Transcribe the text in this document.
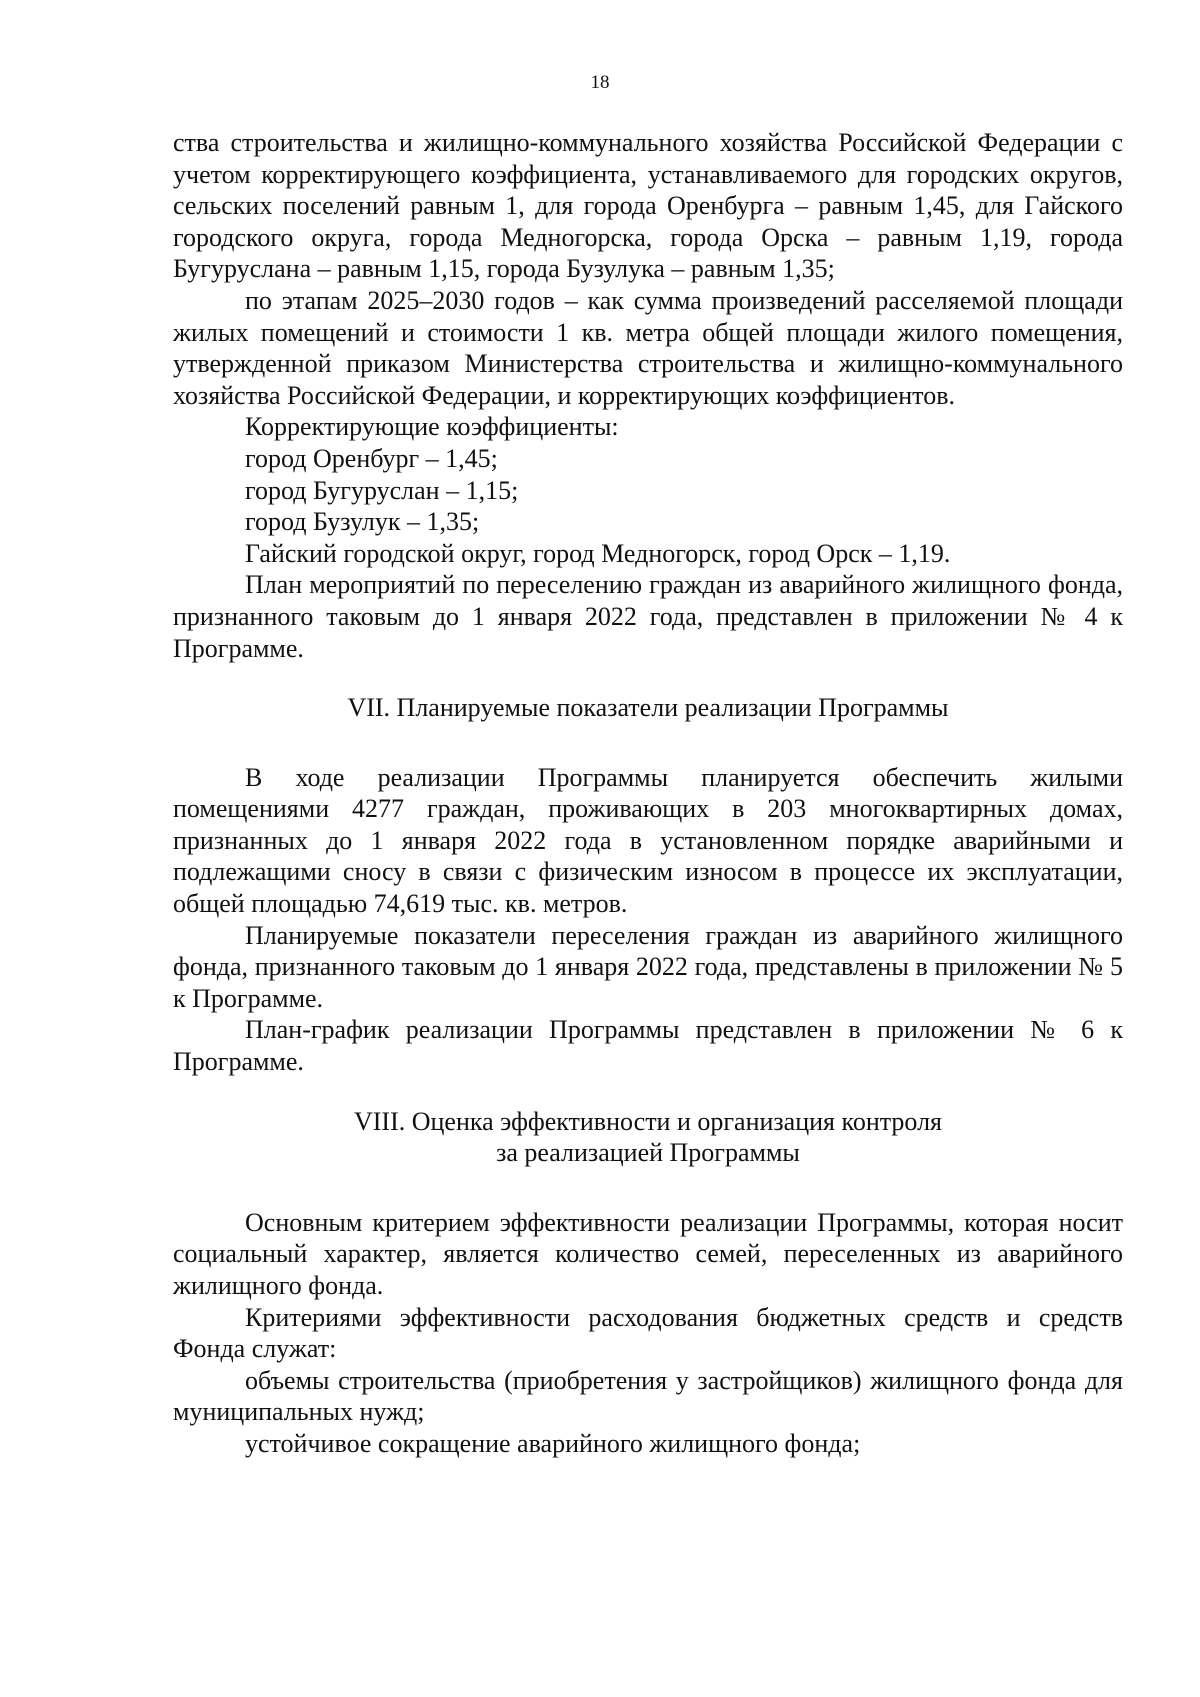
18

ства строительства и жилищно-коммунального хозяйства Российской Федерации с учетом корректирующего коэффициента, устанавливаемого для городских округов, сельских поселений равным 1, для города Оренбурга – равным 1,45, для Гайского городского округа, города Медногорска, города Орска – равным 1,19, города Бугуруслана – равным 1,15, города Бузулука – равным 1,35;

по этапам 2025–2030 годов – как сумма произведений расселяемой площади жилых помещений и стоимости 1 кв. метра общей площади жилого помещения, утвержденной приказом Министерства строительства и жилищно-коммунального хозяйства Российской Федерации, и корректирующих коэффициентов.

Корректирующие коэффициенты:

город Оренбург – 1,45;

город Бугуруслан – 1,15;

город Бузулук – 1,35;

Гайский городской округ, город Медногорск, город Орск – 1,19.

План мероприятий по переселению граждан из аварийного жилищного фонда, признанного таковым до 1 января 2022 года, представлен в приложении № 4 к Программе.

VII. Планируемые показатели реализации Программы

В ходе реализации Программы планируется обеспечить жилыми помещениями 4277 граждан, проживающих в 203 многоквартирных домах, признанных до 1 января 2022 года в установленном порядке аварийными и подлежащими сносу в связи с физическим износом в процессе их эксплуатации, общей площадью 74,619 тыс. кв. метров.

Планируемые показатели переселения граждан из аварийного жилищного фонда, признанного таковым до 1 января 2022 года, представлены в приложении № 5 к Программе.

План-график реализации Программы представлен в приложении № 6 к Программе.

VIII. Оценка эффективности и организация контроля
за реализацией Программы

Основным критерием эффективности реализации Программы, которая носит социальный характер, является количество семей, переселенных из аварийного жилищного фонда.

Критериями эффективности расходования бюджетных средств и средств Фонда служат:

объемы строительства (приобретения у застройщиков) жилищного фонда для муниципальных нужд;

устойчивое сокращение аварийного жилищного фонда;
